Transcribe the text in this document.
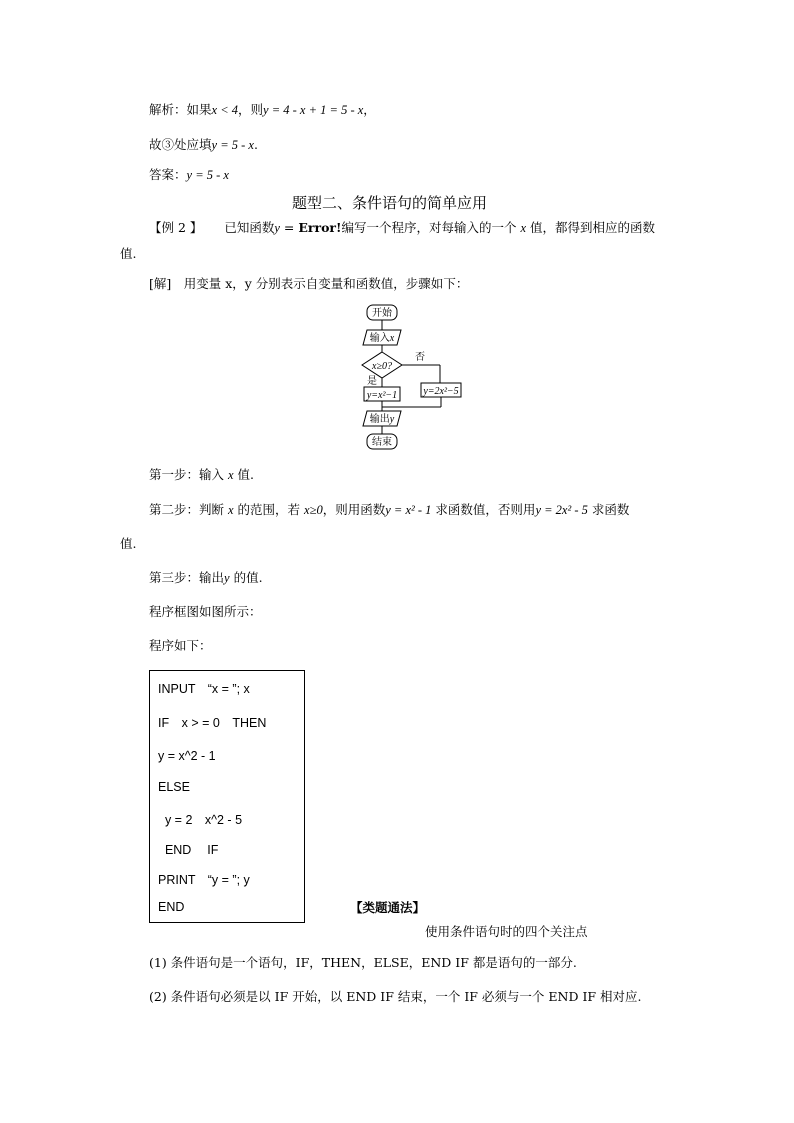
解析：如果x < 4，则y = 4 - x + 1 = 5 - x，
故③处应填y = 5 - x.
答案：y = 5 - x
题型二、条件语句的简单应用
【例 2 】 已知函数y = Error!编写一个程序，对每输入的一个 x 值，都得到相应的函数
值.
[解]　用变量 x，y 分别表示自变量和函数值，步骤如下：
开始
输入x
x≥0?
否
y=2x²−5
是
y=x²−1
输出y
结束
第一步：输入 x 值.
第二步：判断 x 的范围，若 x≥0，则用函数y = x² - 1 求函数值，否则用y = 2x² - 5 求函数
值.
第三步：输出y 的值.
程序框图如图所示：
程序如下：
INPUT　“x = ”; x
IF　x > = 0　THEN
y = x^2 - 1
ELSE
y = 2　x^2 - 5
END　 IF
PRINT　“y = ”; y
END	【类题通法】
使用条件语句时的四个关注点
(1) 条件语句是一个语句，IF，THEN，ELSE，END IF 都是语句的一部分.
(2) 条件语句必须是以 IF 开始，以 END IF 结束，一个 IF 必须与一个 END IF 相对应.
